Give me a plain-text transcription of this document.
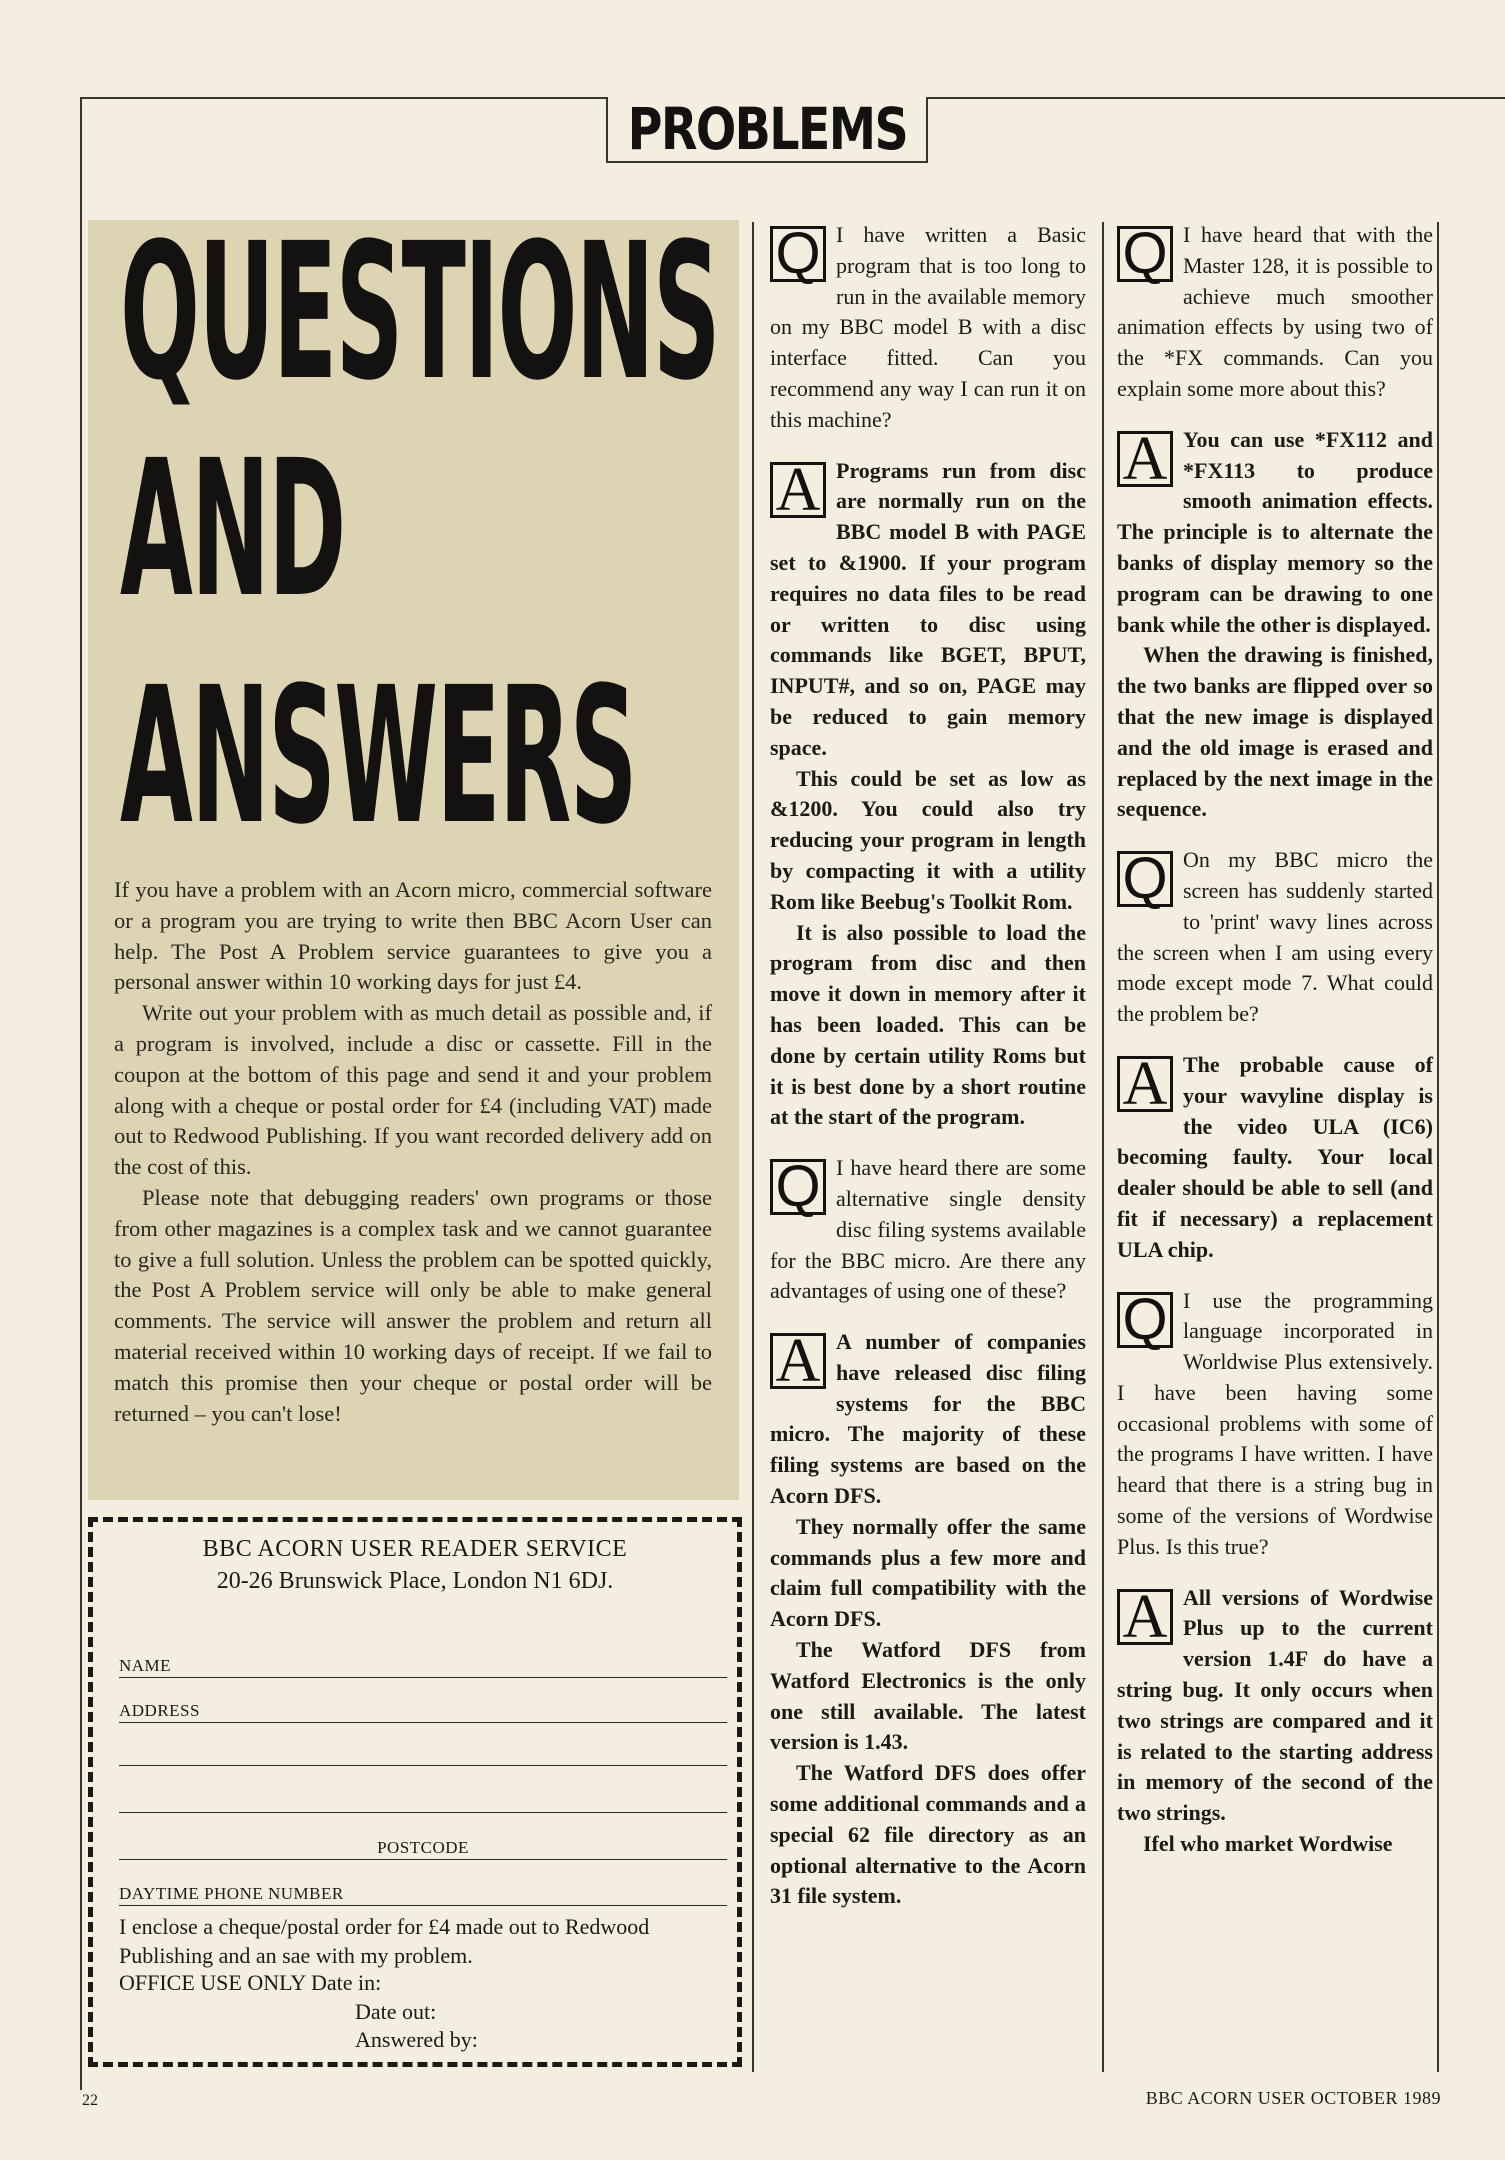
PROBLEMS
QUESTIONS
AND
ANSWERS

If you have a problem with an Acorn micro, commercial software or a program you are trying to write then BBC Acorn User can help. The Post A Problem service guarantees to give you a personal answer within 10 working days for just £4.

Write out your problem with as much detail as possible and, if a program is involved, include a disc or cassette. Fill in the coupon at the bottom of this page and send it and your problem along with a cheque or postal order for £4 (including VAT) made out to Redwood Publishing. If you want recorded delivery add on the cost of this.

Please note that debugging readers' own programs or those from other magazines is a complex task and we cannot guarantee to give a full solution. Unless the problem can be spotted quickly, the Post A Problem service will only be able to make general comments. The service will answer the problem and return all material received within 10 working days of receipt. If we fail to match this promise then your cheque or postal order will be returned – you can't lose!

BBC ACORN USER READER SERVICE
20-26 Brunswick Place, London N1 6DJ.
NAME
ADDRESS
POSTCODE
DAYTIME PHONE NUMBER
I enclose a cheque/postal order for £4 made out to Redwood Publishing and an sae with my problem.
OFFICE USE ONLY Date in:
Date out:
Answered by:
Q I have written a Basic program that is too long to run in the available memory on my BBC model B with a disc interface fitted. Can you recommend any way I can run it on this machine?

A Programs run from disc are normally run on the BBC model B with PAGE set to &1900. If your program requires no data files to be read or written to disc using commands like BGET, BPUT, INPUT#, and so on, PAGE may be reduced to gain memory space.

This could be set as low as &1200. You could also try reducing your program in length by compacting it with a utility Rom like Beebug's Toolkit Rom.

It is also possible to load the program from disc and then move it down in memory after it has been loaded. This can be done by certain utility Roms but it is best done by a short routine at the start of the program.

Q I have heard there are some alternative single density disc filing systems available for the BBC micro. Are there any advantages of using one of these?

A A number of companies have released disc filing systems for the BBC micro. The majority of these filing systems are based on the Acorn DFS.

They normally offer the same commands plus a few more and claim full compatibility with the Acorn DFS.

The Watford DFS from Watford Electronics is the only one still available. The latest version is 1.43.

The Watford DFS does offer some additional commands and a special 62 file directory as an optional alternative to the Acorn 31 file system.

Q I have heard that with the Master 128, it is possible to achieve much smoother animation effects by using two of the *FX commands. Can you explain some more about this?

A You can use *FX112 and *FX113 to produce smooth animation effects. The principle is to alternate the banks of display memory so the program can be drawing to one bank while the other is displayed.

When the drawing is finished, the two banks are flipped over so that the new image is displayed and the old image is erased and replaced by the next image in the sequence.

Q On my BBC micro the screen has suddenly started to 'print' wavy lines across the screen when I am using every mode except mode 7. What could the problem be?

A The probable cause of your wavyline display is the video ULA (IC6) becoming faulty. Your local dealer should be able to sell (and fit if necessary) a replacement ULA chip.

Q I use the programming language incorporated in Worldwise Plus extensively. I have been having some occasional problems with some of the programs I have written. I have heard that there is a string bug in some of the versions of Wordwise Plus. Is this true?

A All versions of Wordwise Plus up to the current version 1.4F do have a string bug. It only occurs when two strings are compared and it is related to the starting address in memory of the second of the two strings.

Ifel who market Wordwise

22	BBC ACORN USER OCTOBER 1989
